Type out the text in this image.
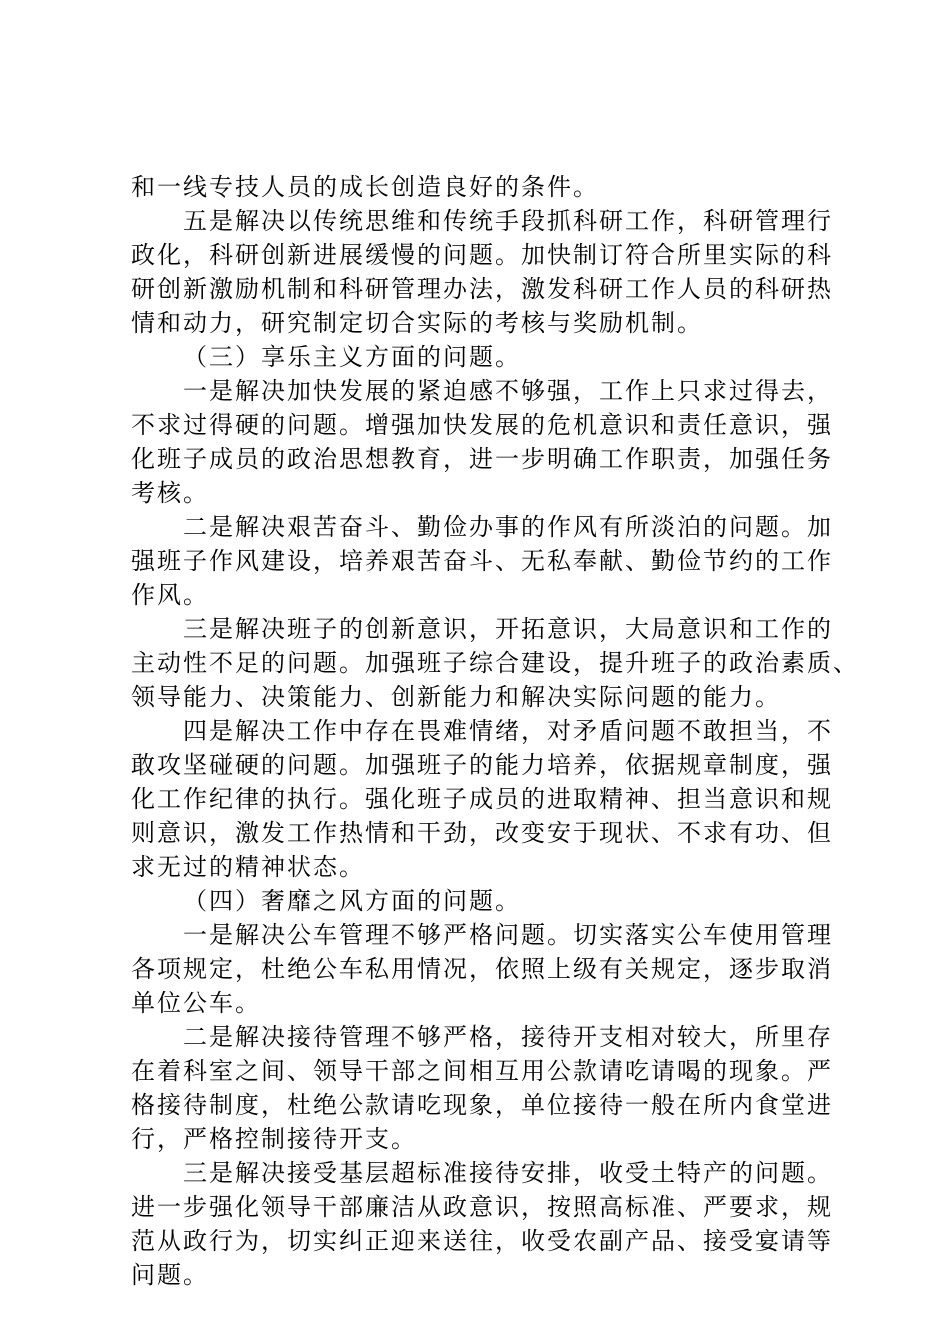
和一线专技人员的成长创造良好的条件。
五是解决以传统思维和传统手段抓科研工作，科研管理行
政化，科研创新进展缓慢的问题。加快制订符合所里实际的科
研创新激励机制和科研管理办法，激发科研工作人员的科研热
情和动力，研究制定切合实际的考核与奖励机制。
（三）享乐主义方面的问题。
一是解决加快发展的紧迫感不够强，工作上只求过得去，
不求过得硬的问题。增强加快发展的危机意识和责任意识，强
化班子成员的政治思想教育，进一步明确工作职责，加强任务
考核。
二是解决艰苦奋斗、勤俭办事的作风有所淡泊的问题。加
强班子作风建设，培养艰苦奋斗、无私奉献、勤俭节约的工作
作风。
三是解决班子的创新意识，开拓意识，大局意识和工作的
主动性不足的问题。加强班子综合建设，提升班子的政治素质、
领导能力、决策能力、创新能力和解决实际问题的能力。
四是解决工作中存在畏难情绪，对矛盾问题不敢担当，不
敢攻坚碰硬的问题。加强班子的能力培养，依据规章制度，强
化工作纪律的执行。强化班子成员的进取精神、担当意识和规
则意识，激发工作热情和干劲，改变安于现状、不求有功、但
求无过的精神状态。
（四）奢靡之风方面的问题。
一是解决公车管理不够严格问题。切实落实公车使用管理
各项规定，杜绝公车私用情况，依照上级有关规定，逐步取消
单位公车。
二是解决接待管理不够严格，接待开支相对较大，所里存
在着科室之间、领导干部之间相互用公款请吃请喝的现象。严
格接待制度，杜绝公款请吃现象，单位接待一般在所内食堂进
行，严格控制接待开支。
三是解决接受基层超标准接待安排，收受土特产的问题。
进一步强化领导干部廉洁从政意识，按照高标准、严要求，规
范从政行为，切实纠正迎来送往，收受农副产品、接受宴请等
问题。
